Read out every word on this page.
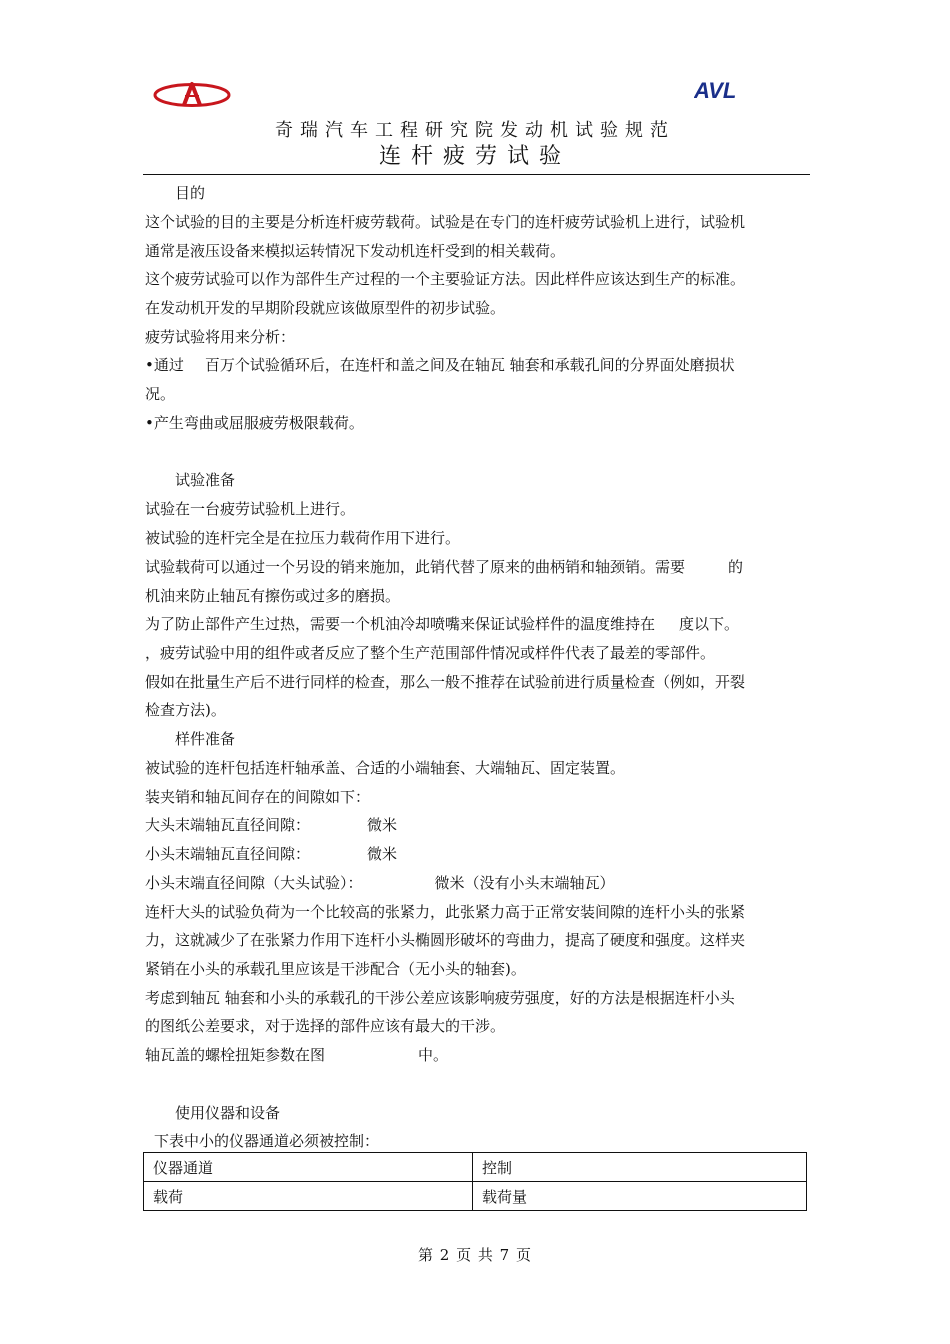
AVL
奇瑞汽车工程研究院发动机试验规范
连杆疲劳试验
目的
这个试验的目的主要是分析连杆疲劳载荷。试验是在专门的连杆疲劳试验机上进行，试验机
通常是液压设备来模拟运转情况下发动机连杆受到的相关载荷。
这个疲劳试验可以作为部件生产过程的一个主要验证方法。因此样件应该达到生产的标准。
在发动机开发的早期阶段就应该做原型件的初步试验。
疲劳试验将用来分析：
•通过 百万个试验循环后，在连杆和盖之间及在轴瓦 轴套和承载孔间的分界面处磨损状
况。
•产生弯曲或屈服疲劳极限载荷。
试验准备
试验在一台疲劳试验机上进行。
被试验的连杆完全是在拉压力载荷作用下进行。
试验载荷可以通过一个另设的销来施加，此销代替了原来的曲柄销和轴颈销。需要	的
机油来防止轴瓦有擦伤或过多的磨损。
为了防止部件产生过热，需要一个机油冷却喷嘴来保证试验样件的温度维持在 度以下。
，疲劳试验中用的组件或者反应了整个生产范围部件情况或样件代表了最差的零部件。
假如在批量生产后不进行同样的检查，那么一般不推荐在试验前进行质量检查（例如，开裂
检查方法)。
样件准备
被试验的连杆包括连杆轴承盖、合适的小端轴套、大端轴瓦、固定装置。
装夹销和轴瓦间存在的间隙如下：
大头末端轴瓦直径间隙：	微米
小头末端轴瓦直径间隙：	微米
小头末端直径间隙（大头试验）：	微米（没有小头末端轴瓦）
连杆大头的试验负荷为一个比较高的张紧力，此张紧力高于正常安装间隙的连杆小头的张紧
力，这就减少了在张紧力作用下连杆小头椭圆形破坏的弯曲力，提高了硬度和强度。这样夹
紧销在小头的承载孔里应该是干涉配合（无小头的轴套)。
考虑到轴瓦 轴套和小头的承载孔的干涉公差应该影响疲劳强度，好的方法是根据连杆小头
的图纸公差要求，对于选择的部件应该有最大的干涉。
轴瓦盖的螺栓扭矩参数在图	中。
使用仪器和设备
下表中小的仪器通道必须被控制：
仪器通道	控制
载荷	载荷量
第 2 页 共 7 页
